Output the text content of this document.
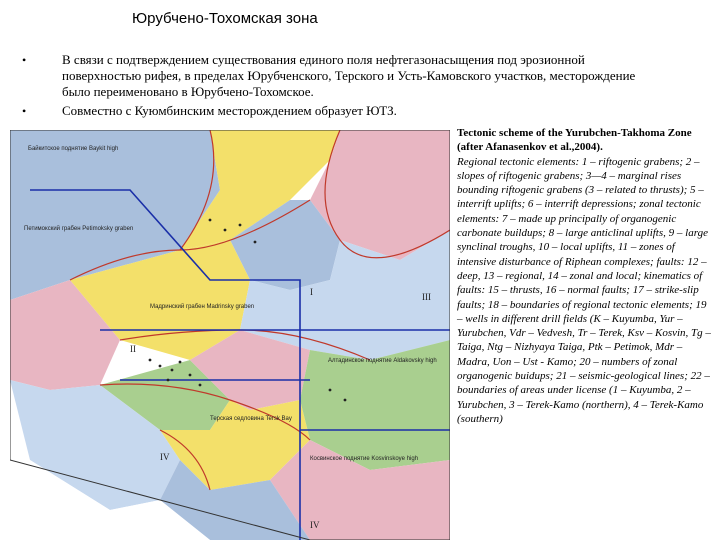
Юрубчено-Тохомская зона
•	В связи с подтверждением существования единого поля нефтегазонасыщения под эрозионной поверхностью рифея, в пределах Юрубченского, Терского и Усть-Камовского участков, месторождение было переименовано в Юрубчено-Тохомское.
•	Совместно с Куюмбинским месторождением образует ЮТЗ.
Байкитское поднятие Baykit high
Петимокский грабен Petimoksky graben
Мадринский грабен Madrinsky graben
Терская седловина Tersk Bay
Алтадинское поднятие Aldakovsky high
Косвинское поднятие Kosvinskoye high
II
I
IV
IV
III
Tectonic scheme of the Yurubchen-Takhoma Zone (after Afanasenkov et al.,2004).
Regional tectonic elements: 1 – riftogenic grabens; 2 – slopes of riftogenic grabens; 3—4 – marginal rises bounding riftogenic grabens (3 – related to thrusts); 5 – interrift uplifts; 6 – interrift depressions; zonal tectonic elements: 7 – made up principally of organogenic carbonate buildups; 8 – large anticlinal uplifts, 9 – large synclinal troughs, 10 – local uplifts, 11 – zones of intensive disturbance of Riphean complexes; faults: 12 – deep, 13 – regional, 14 – zonal and local; kinematics of faults: 15 – thrusts, 16 – normal faults; 17 – strike-slip faults; 18 – boundaries of regional tectonic elements; 19 – wells in different drill fields (K – Kuyumba, Yur – Yurubchen, Vdr – Vedvesh, Tr – Terek, Ksv – Kosvin, Tg – Taiga, Ntg – Nizhyaya Taiga, Ptk – Petimok, Mdr – Madra, Uon – Ust - Kamo; 20 – numbers of zonal organogenic buidups; 21 – seismic-geological lines; 22 – boundaries of areas under license (1 – Kuyumba, 2 – Yurubchen, 3 – Terek-Kamo (northern), 4 – Terek-Kamo (southern)
